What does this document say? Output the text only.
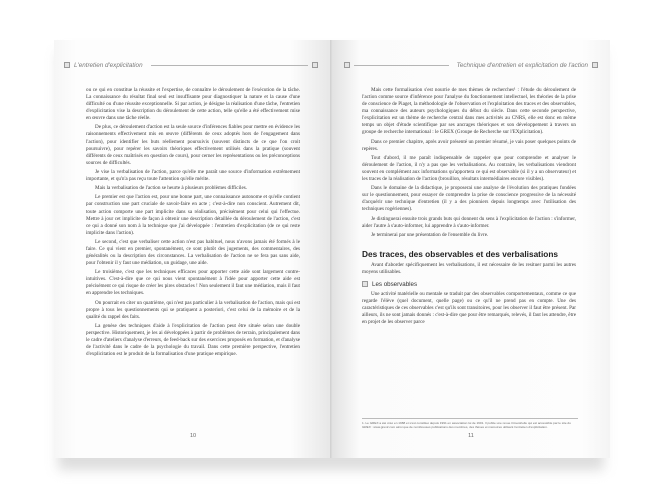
L'entretien d'explicitation

ou ce qui en constitue la réussite et l'expertise, de connaître le déroulement de l'exécution de la tâche. La connaissance du résultat final seul est insuffisante pour diagnostiquer la nature et la cause d'une difficulté ou d'une réussite exceptionnelle. Si par action, je désigne la réalisation d'une tâche, l'entretien d'explicitation vise la description du déroulement de cette action, telle qu'elle a été effectivement mise en œuvre dans une tâche réelle.

De plus, ce déroulement d'action est la seule source d'inférences fiables pour mettre en évidence les raisonnements effectivement mis en œuvre (différents de ceux adoptés hors de l'engagement dans l'action), pour identifier les buts réellement poursuivis (souvent distincts de ce que l'on croit poursuivre), pour repérer les savoirs théoriques effectivement utilisés dans la pratique (souvent différents de ceux maîtrisés en question de cours), pour cerner les représentations ou les préconceptions sources de difficultés.

Je vise la verbalisation de l'action, parce qu'elle me paraît une source d'information extrêmement importante, et qu'n'a pas reçu toute l'attention qu'elle mérite.

Mais la verbalisation de l'action se heurte à plusieurs problèmes difficiles.

Le premier est que l'action est, pour une bonne part, une connaissance autonome et qu'elle contient par construction une part cruciale de savoir-faire en acte ; c'est-à-dire non conscient. Autrement dit, toute action comporte une part implicite dans sa réalisation, précisément pour celui qui l'effectue. Mettre à jour cet implicite de façon à obtenir une description détaillée du déroulement de l'action, c'est ce qui a donné son nom à la technique que j'ai développée : l'entretien d'explicitation (de ce qui reste implicite dans l'action).

Le second, c'est que verbaliser cette action n'est pas habituel, nous n'avons jamais été formés à le faire. Ce qui vient en premier, spontanément, ce sont plutôt des jugements, des commentaires, des généralités ou la description des circonstances. La verbalisation de l'action ne se fera pas sans aide, pour l'obtenir il y faut une médiation, un guidage, une aide.

Le troisième, c'est que les techniques efficaces pour apporter cette aide sont largement contre-intuitives. C'est-à-dire que ce qui nous vient spontanément à l'idée pour apporter cette aide est précisément ce qui risque de créer les pires obstacles ! Non seulement il faut une médiation, mais il faut en apprendre les techniques.

On pourrait en citer un quatrième, qui n'est pas particulier à la verbalisation de l'action, mais qui est propre à tous les questionnements qui se pratiquent a posteriori, c'est celui de la mémoire et de la qualité du rappel des faits.

La genèse des techniques d'aide à l'explicitation de l'action peut être située selon une double perspective. Historiquement, je les ai développées à partir de problèmes de terrain, principalement dans le cadre d'ateliers d'analyse d'erreurs, de feed-back sur des exercices proposés en formation, et d'analyse de l'activité dans le cadre de la psychologie du travail. Dans cette première perspective, l'entretien d'explicitation est le produit de la formalisation d'une pratique empirique.

10
Technique d'entretien et explicitation de l'action

Mais cette formalisation s'est nourrie de mes thèmes de recherches¹ : l'étude du déroulement de l'action comme source d'inférence pour l'analyse du fonctionnement intellectuel, les théories de la prise de conscience de Piaget, la méthodologie de l'observation et l'exploitation des traces et des observables, ma connaissance des auteurs psychologiques du début du siècle. Dans cette seconde perspective, l'explicitation est un thème de recherche central dans mes activités au CNRS, elle est donc en même temps un objet d'étude scientifique par ses ancrages théoriques et son développement à travers un groupe de recherche international : le GREX (Groupe de Recherche sur l'EXplicitation).

Dans ce premier chapitre, après avoir présenté un premier résumé, je vais poser quelques points de repères.

Tout d'abord, il me paraît indispensable de rappeler que pour comprendre et analyser le déroulement de l'action, il n'y a pas que les verbalisations. Au contraire, les verbalisations viendront souvent en complément aux informations qu'apportera ce qui est observable (si il y a un observateur) et les traces de la réalisation de l'action (brouillon, résultats intermédiaires encore visibles).

Dans le domaine de la didactique, je proposerai une analyse de l'évolution des pratiques fondées sur le questionnement, pour essayer de comprendre la prise de conscience progressive de la nécessité d'acquérir une technique d'entretien (il y a des pionniers depuis longtemps avec l'utilisation des techniques rogériennes).

Je distinguerai ensuite trois grands buts qui donnent du sens à l'explicitation de l'action : s'informer, aider l'autre à s'auto-informer, lui apprendre à s'auto-informer.

Je terminerai par une présentation de l'ensemble du livre.

Des traces, des observables et des verbalisations

Avant d'aborder spécifiquement les verbalisations, il est nécessaire de les resituer parmi les autres moyens utilisables.

Les observables

Une activité matérielle ou mentale se traduit par des observables comportementaux, comme ce que regarde l'élève (quel document, quelle page) ou ce qu'il ne prend pas en compte. Une des caractéristiques de ces observables c'est qu'ils sont transitoires, pour les observer il faut être présent. Par ailleurs, ils ne sont jamais donnés : c'est-à-dire que pour être remarqués, relevés, il faut les attendre, être en projet de les observer parce

1. Le GREX a été créé en 1988 et s'est constitué depuis 1991 en association loi de 1901. Il publie une revue trimestrielle qui est accessible par le site du GREX : www.grex2.com ainsi que de nombreuses publications des membres, des thèses et mémoires utilisant l'entretien d'explicitation.
11
